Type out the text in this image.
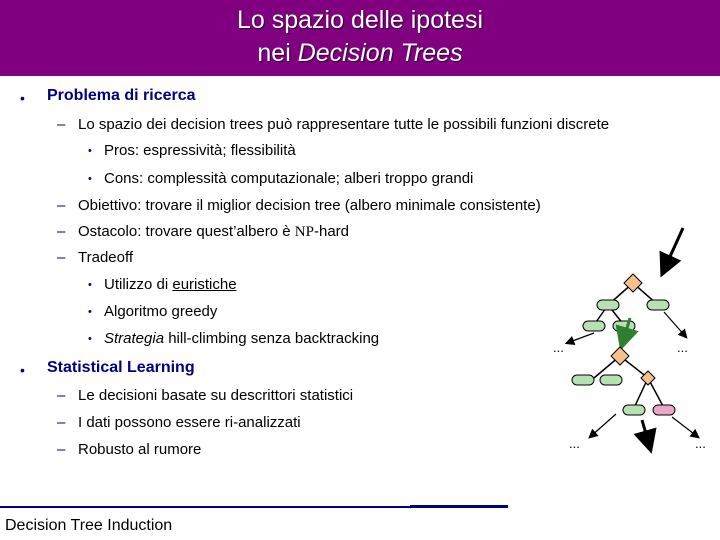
Lo spazio delle ipotesi
nei Decision Trees
• Problema di ricerca
– Lo spazio dei decision trees può rappresentare tutte le possibili funzioni discrete
• Pros: espressività; flessibilità
• Cons: complessità computazionale; alberi troppo grandi
– Obiettivo: trovare il miglior decision tree (albero minimale consistente)
– Ostacolo: trovare quest’albero è NP-hard
– Tradeoff
• Utilizzo di euristiche
• Algoritmo greedy
• Strategia hill-climbing senza backtracking
• Statistical Learning
– Le decisioni basate su descrittori statistici
– I dati possono essere ri-analizzati
– Robusto al rumore
...	...
...	...
Decision Tree Induction
